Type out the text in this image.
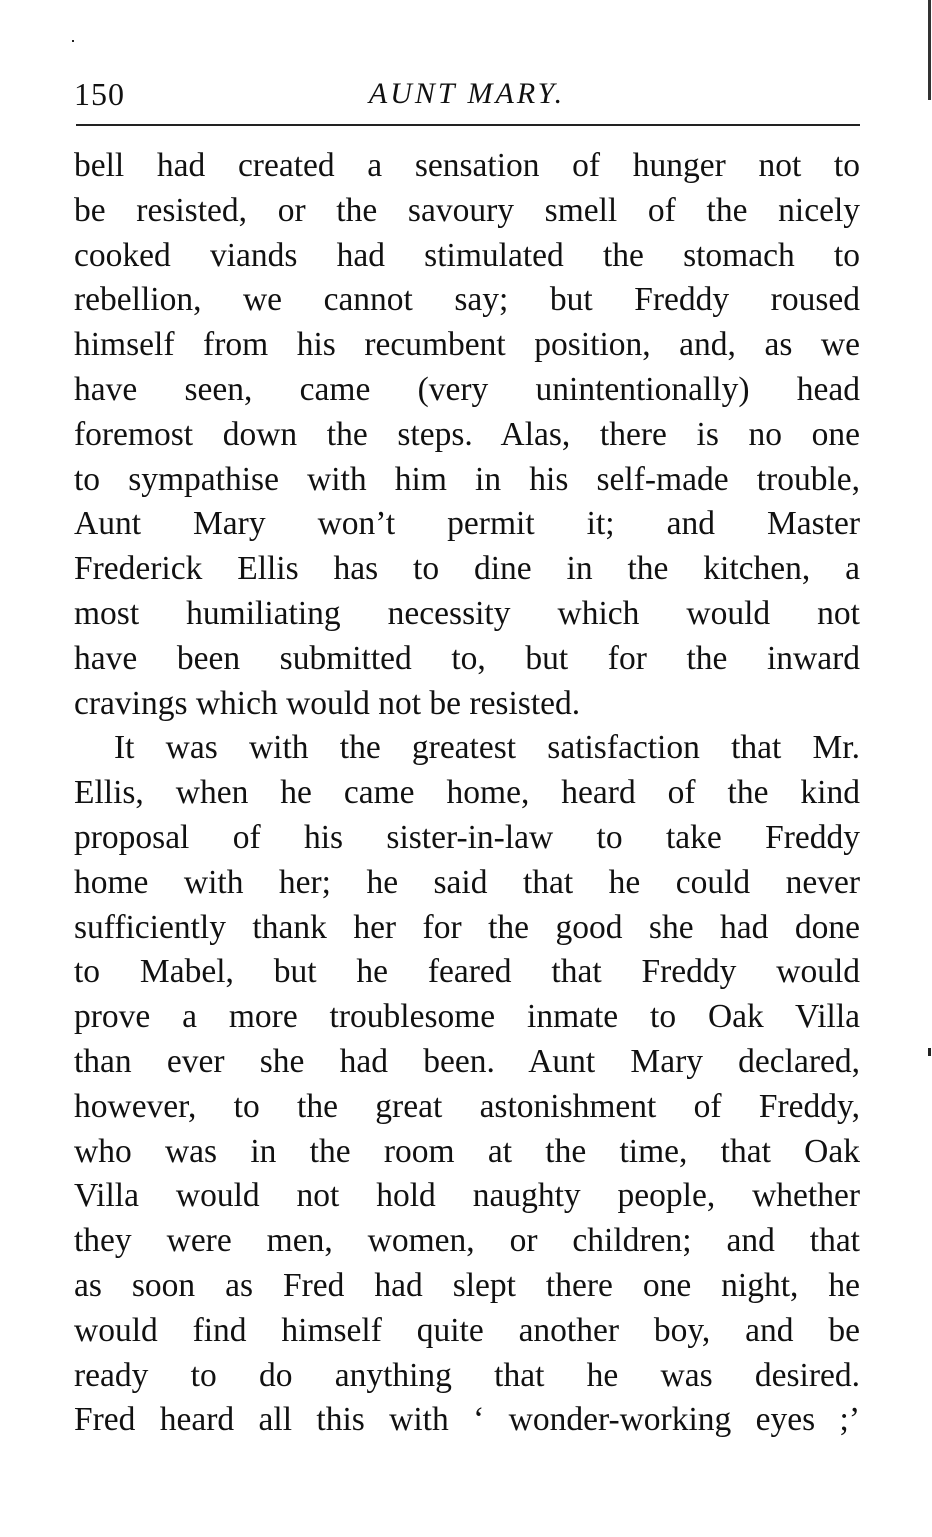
150	AUNT MARY.
bell had created a sensation of hunger not to
be resisted, or the savoury smell of the nicely
cooked viands had stimulated the stomach to
rebellion, we cannot say; but Freddy roused
himself from his recumbent position, and, as we
have seen, came (very unintentionally) head
foremost down the steps. Alas, there is no one
to sympathise with him in his self-made trouble,
Aunt Mary won’t permit it; and Master
Frederick Ellis has to dine in the kitchen, a
most humiliating necessity which would not
have been submitted to, but for the inward
cravings which would not be resisted.
It was with the greatest satisfaction that Mr.
Ellis, when he came home, heard of the kind
proposal of his sister-in-law to take Freddy
home with her; he said that he could never
sufficiently thank her for the good she had done
to Mabel, but he feared that Freddy would
prove a more troublesome inmate to Oak Villa
than ever she had been. Aunt Mary declared,
however, to the great astonishment of Freddy,
who was in the room at the time, that Oak
Villa would not hold naughty people, whether
they were men, women, or children; and that
as soon as Fred had slept there one night, he
would find himself quite another boy, and be
ready to do anything that he was desired.
Fred heard all this with ‘ wonder-working eyes ;’
